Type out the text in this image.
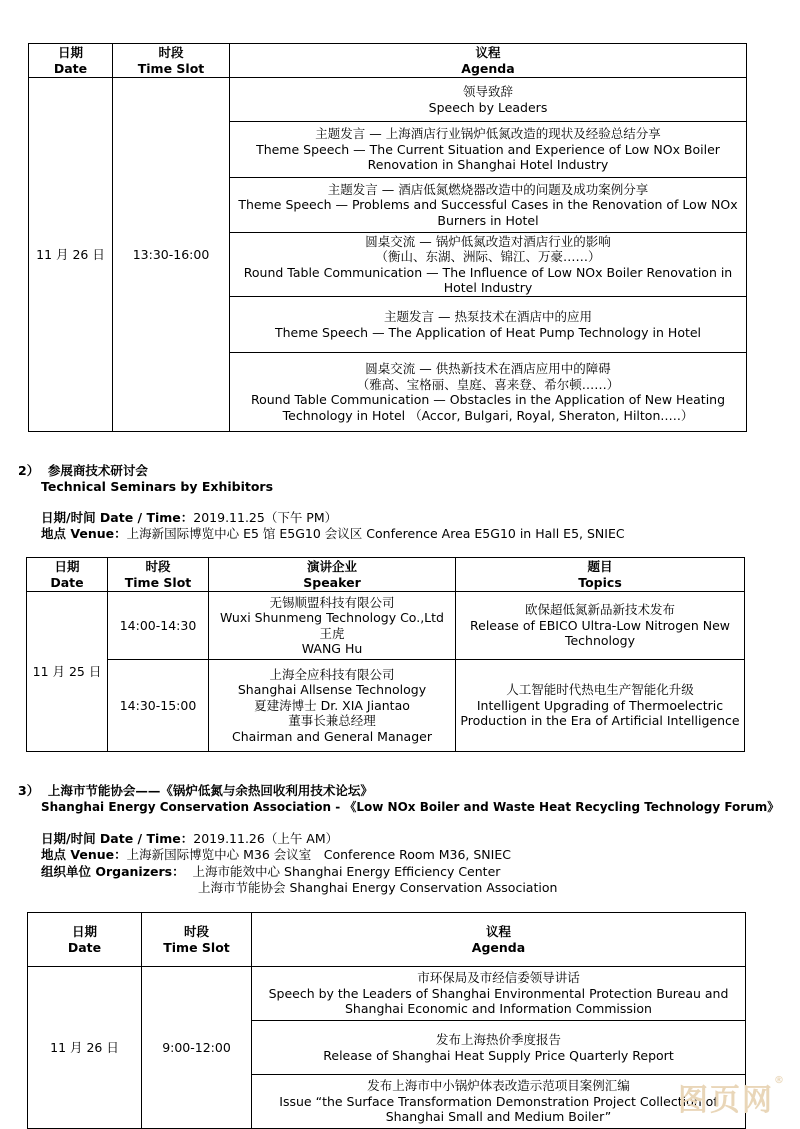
日期
Date	时段
Time Slot	议程
Agenda

11 月 26 日	13:30-16:00	领导致辞
Speech by Leaders

		主题发言 — 上海酒店行业锅炉低氮改造的现状及经验总结分享
Theme Speech — The Current Situation and Experience of Low NOx Boiler
Renovation in Shanghai Hotel Industry

		主题发言 — 酒店低氮燃烧器改造中的问题及成功案例分享
Theme Speech — Problems and Successful Cases in the Renovation of Low NOx
Burners in Hotel

		圆桌交流 — 锅炉低氮改造对酒店行业的影响
（衡山、东湖、洲际、锦江、万豪……）
Round Table Communication — The Influence of Low NOx Boiler Renovation in
Hotel Industry

		主题发言 — 热泵技术在酒店中的应用
Theme Speech — The Application of Heat Pump Technology in Hotel

		圆桌交流 — 供热新技术在酒店应用中的障碍
（雅高、宝格丽、皇庭、喜来登、希尔顿……）
Round Table Communication — Obstacles in the Application of New Heating
Technology in Hotel （Accor, Bulgari, Royal, Sheraton, Hilton.….）
2） 参展商技术研讨会
Technical Seminars by Exhibitors
日期/时间 Date / Time：2019.11.25（下午 PM）
地点 Venue：上海新国际博览中心 E5 馆 E5G10 会议区 Conference Area E5G10 in Hall E5, SNIEC
日期
Date	时段
Time Slot	演讲企业
Speaker	题目
Topics

11 月 25 日	14:00-14:30	无锡顺盟科技有限公司
Wuxi Shunmeng Technology Co.,Ltd
王虎
WANG Hu	欧保超低氮新品新技术发布
Release of EBICO Ultra-Low Nitrogen New
Technology

	14:30-15:00	上海全应科技有限公司
Shanghai Allsense Technology
夏建涛博士 Dr. XIA Jiantao
董事长兼总经理
Chairman and General Manager	人工智能时代热电生产智能化升级
Intelligent Upgrading of Thermoelectric
Production in the Era of Artificial Intelligence
3） 上海市节能协会——《锅炉低氮与余热回收利用技术论坛》
Shanghai Energy Conservation Association - 《Low NOx Boiler and Waste Heat Recycling Technology Forum》
日期/时间 Date / Time：2019.11.26（上午 AM）
地点 Venue：上海新国际博览中心 M36 会议室　Conference Room M36, SNIEC
组织单位 Organizers： 上海市能效中心 Shanghai Energy Efficiency Center
上海市节能协会 Shanghai Energy Conservation Association
日期
Date	时段
Time Slot	议程
Agenda

11 月 26 日	9:00-12:00	市环保局及市经信委领导讲话
Speech by the Leaders of Shanghai Environmental Protection Bureau and
Shanghai Economic and Information Commission

		发布上海热价季度报告
Release of Shanghai Heat Supply Price Quarterly Report

		发布上海市中小锅炉体表改造示范项目案例汇编
Issue “the Surface Transformation Demonstration Project Collection of
Shanghai Small and Medium Boiler”	图页网®
